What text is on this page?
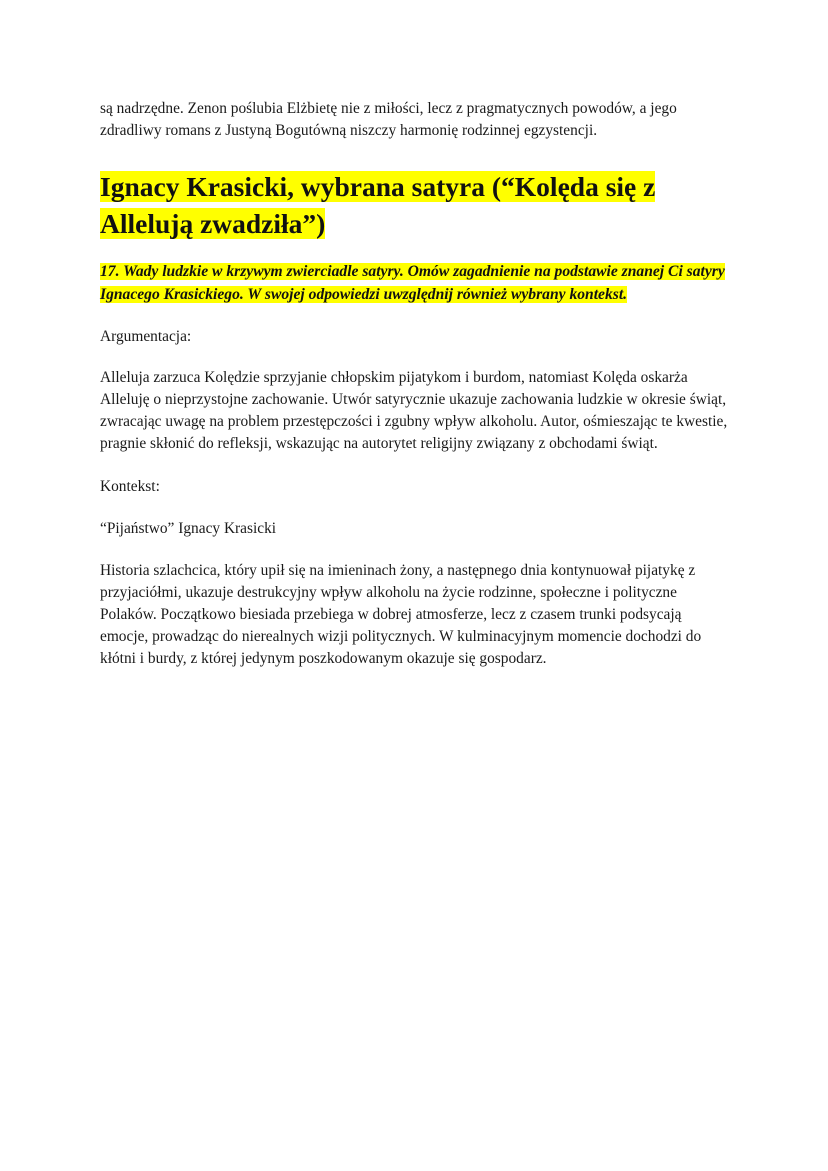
są nadrzędne. Zenon poślubia Elżbietę nie z miłości, lecz z pragmatycznych powodów, a jego zdradliwy romans z Justyną Bogutówną niszczy harmonię rodzinnej egzystencji.

Ignacy Krasicki, wybrana satyra (“Kolęda się z Allelują zwadziła”)

17. Wady ludzkie w krzywym zwierciadle satyry. Omów zagadnienie na podstawie znanej Ci satyry Ignacego Krasickiego. W swojej odpowiedzi uwzględnij również wybrany kontekst.

Argumentacja:

Alleluja zarzuca Kolędzie sprzyjanie chłopskim pijatykom i burdom, natomiast Kolęda oskarża Alleluję o nieprzystojne zachowanie. Utwór satyrycznie ukazuje zachowania ludzkie w okresie świąt, zwracając uwagę na problem przestępczości i zgubny wpływ alkoholu. Autor, ośmieszając te kwestie, pragnie skłonić do refleksji, wskazując na autorytet religijny związany z obchodami świąt.

Kontekst:

“Pijaństwo” Ignacy Krasicki

Historia szlachcica, który upił się na imieninach żony, a następnego dnia kontynuował pijatykę z przyjaciółmi, ukazuje destrukcyjny wpływ alkoholu na życie rodzinne, społeczne i polityczne Polaków. Początkowo biesiada przebiega w dobrej atmosferze, lecz z czasem trunki podsycają emocje, prowadząc do nierealnych wizji politycznych. W kulminacyjnym momencie dochodzi do kłótni i burdy, z której jedynym poszkodowanym okazuje się gospodarz.
